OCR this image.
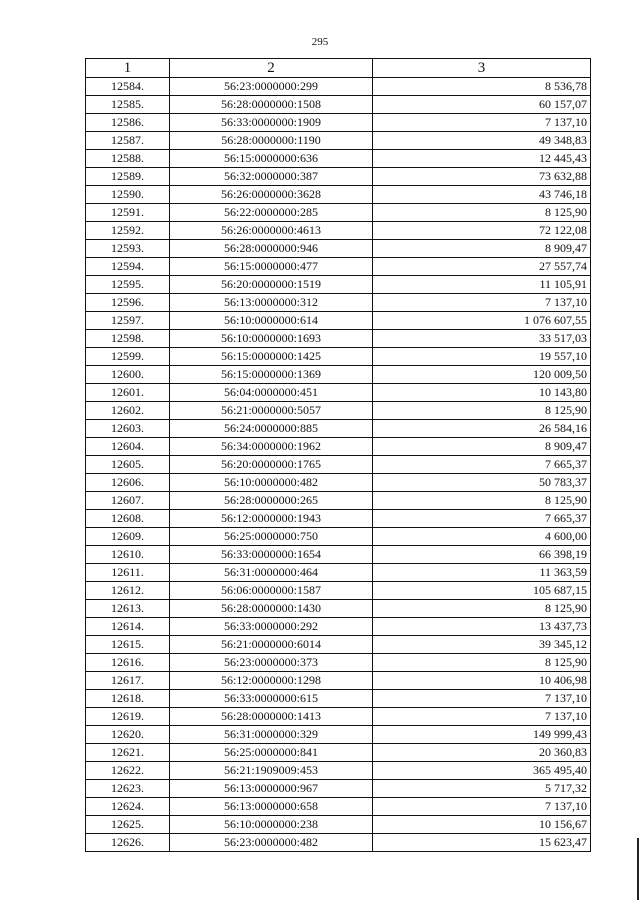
295
1	2	3
12584.	56:23:0000000:299	8 536,78
12585.	56:28:0000000:1508	60 157,07
12586.	56:33:0000000:1909	7 137,10
12587.	56:28:0000000:1190	49 348,83
12588.	56:15:0000000:636	12 445,43
12589.	56:32:0000000:387	73 632,88
12590.	56:26:0000000:3628	43 746,18
12591.	56:22:0000000:285	8 125,90
12592.	56:26:0000000:4613	72 122,08
12593.	56:28:0000000:946	8 909,47
12594.	56:15:0000000:477	27 557,74
12595.	56:20:0000000:1519	11 105,91
12596.	56:13:0000000:312	7 137,10
12597.	56:10:0000000:614	1 076 607,55
12598.	56:10:0000000:1693	33 517,03
12599.	56:15:0000000:1425	19 557,10
12600.	56:15:0000000:1369	120 009,50
12601.	56:04:0000000:451	10 143,80
12602.	56:21:0000000:5057	8 125,90
12603.	56:24:0000000:885	26 584,16
12604.	56:34:0000000:1962	8 909,47
12605.	56:20:0000000:1765	7 665,37
12606.	56:10:0000000:482	50 783,37
12607.	56:28:0000000:265	8 125,90
12608.	56:12:0000000:1943	7 665,37
12609.	56:25:0000000:750	4 600,00
12610.	56:33:0000000:1654	66 398,19
12611.	56:31:0000000:464	11 363,59
12612.	56:06:0000000:1587	105 687,15
12613.	56:28:0000000:1430	8 125,90
12614.	56:33:0000000:292	13 437,73
12615.	56:21:0000000:6014	39 345,12
12616.	56:23:0000000:373	8 125,90
12617.	56:12:0000000:1298	10 406,98
12618.	56:33:0000000:615	7 137,10
12619.	56:28:0000000:1413	7 137,10
12620.	56:31:0000000:329	149 999,43
12621.	56:25:0000000:841	20 360,83
12622.	56:21:1909009:453	365 495,40
12623.	56:13:0000000:967	5 717,32
12624.	56:13:0000000:658	7 137,10
12625.	56:10:0000000:238	10 156,67
12626.	56:23:0000000:482	15 623,47
